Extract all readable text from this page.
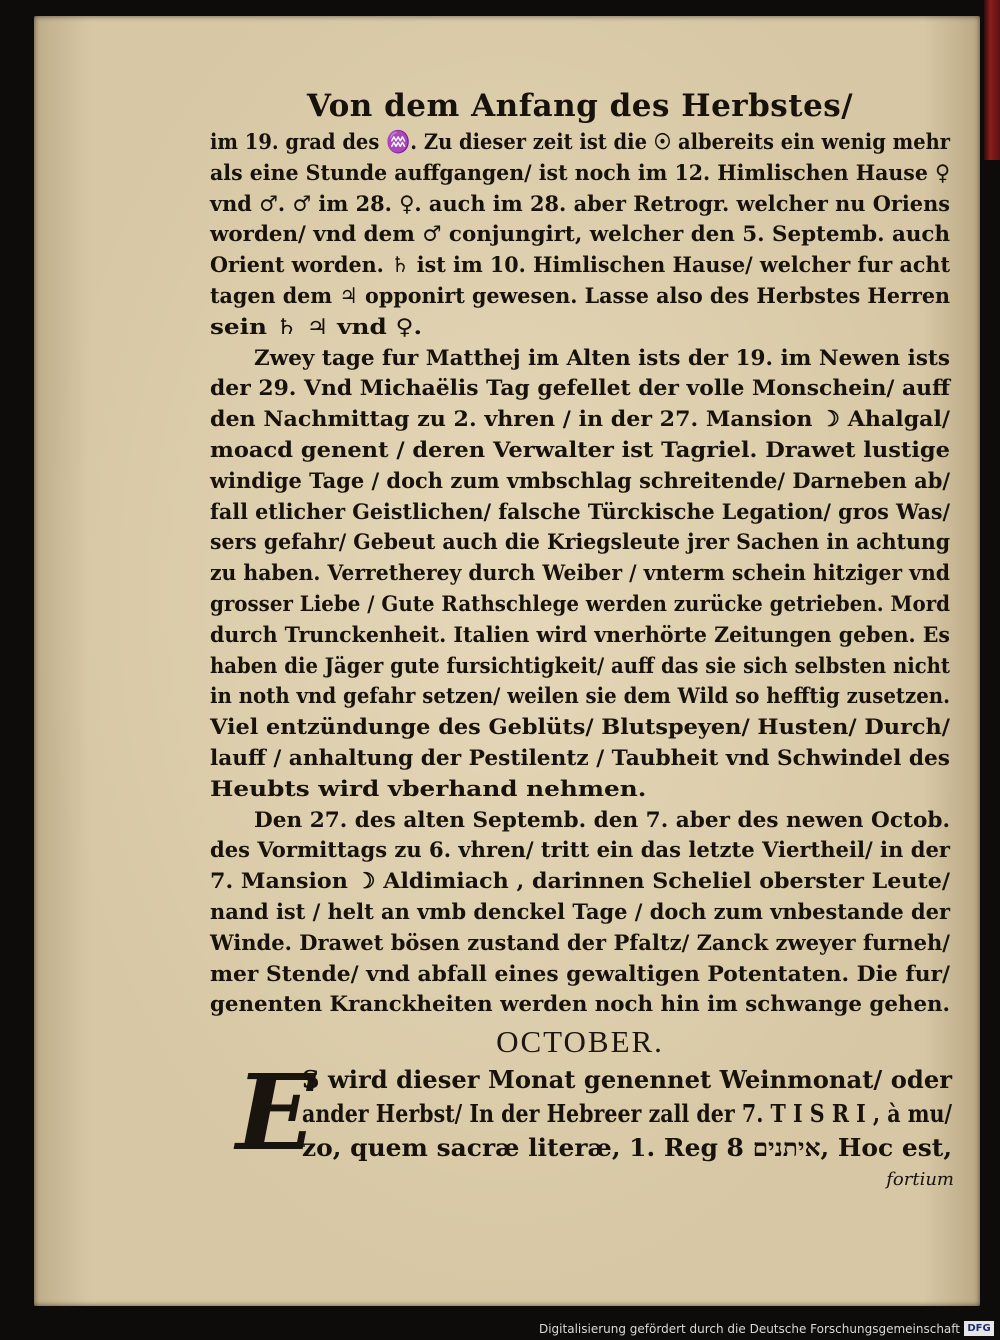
Von dem Anfang des Herbstes/
im 19. grad des ♒. Zu dieser zeit ist die ☉ albereits ein wenig mehr
als eine Stunde auffgangen/ ist noch im 12. Himlischen Hause ♀
vnd ♂. ♂ im 28. ♀. auch im 28. aber Retrogr. welcher nu Oriens
worden/ vnd dem ♂ conjungirt, welcher den 5. Septemb. auch
Orient worden. ♄ ist im 10. Himlischen Hause/ welcher fur acht
tagen dem ♃ opponirt gewesen. Lasse also des Herbstes Herren
sein ♄ ♃ vnd ♀.
Zwey tage fur Matthej im Alten ists der 19. im Newen ists
der 29. Vnd Michaëlis Tag gefellet der volle Monschein/ auff
den Nachmittag zu 2. vhren / in der 27. Mansion ☽ Ahalgal/
moacd genent / deren Verwalter ist Tagriel. Drawet lustige
windige Tage / doch zum vmbschlag schreitende/ Darneben ab/
fall etlicher Geistlichen/ falsche Türckische Legation/ gros Was/
sers gefahr/ Gebeut auch die Kriegsleute jrer Sachen in achtung
zu haben. Verretherey durch Weiber / vnterm schein hitziger vnd
grosser Liebe / Gute Rathschlege werden zurücke getrieben. Mord
durch Trunckenheit. Italien wird vnerhörte Zeitungen geben. Es
haben die Jäger gute fursichtigkeit/ auff das sie sich selbsten nicht
in noth vnd gefahr setzen/ weilen sie dem Wild so hefftig zusetzen.
Viel entzündunge des Geblüts/ Blutspeyen/ Husten/ Durch/
lauff / anhaltung der Pestilentz / Taubheit vnd Schwindel des
Heubts wird vberhand nehmen.
Den 27. des alten Septemb. den 7. aber des newen Octob.
des Vormittags zu 6. vhren/ tritt ein das letzte Viertheil/ in der
7. Mansion ☽ Aldimiach , darinnen Scheliel oberster Leute/
nand ist / helt an vmb denckel Tage / doch zum vnbestande der
Winde. Drawet bösen zustand der Pfaltz/ Zanck zweyer furneh/
mer Stende/ vnd abfall eines gewaltigen Potentaten. Die fur/
genenten Kranckheiten werden noch hin im schwange gehen.
OCTOBER.
E
S wird dieser Monat genennet Weinmonat/ oder
ander Herbst/ In der Hebreer zall der 7. T I S R I , à mu/
zo, quem sacræ literæ, 1. Reg 8 איתנים, Hoc est,
fortium
Digitalisierung gefördert durch die Deutsche Forschungsgemeinschaft DFG
